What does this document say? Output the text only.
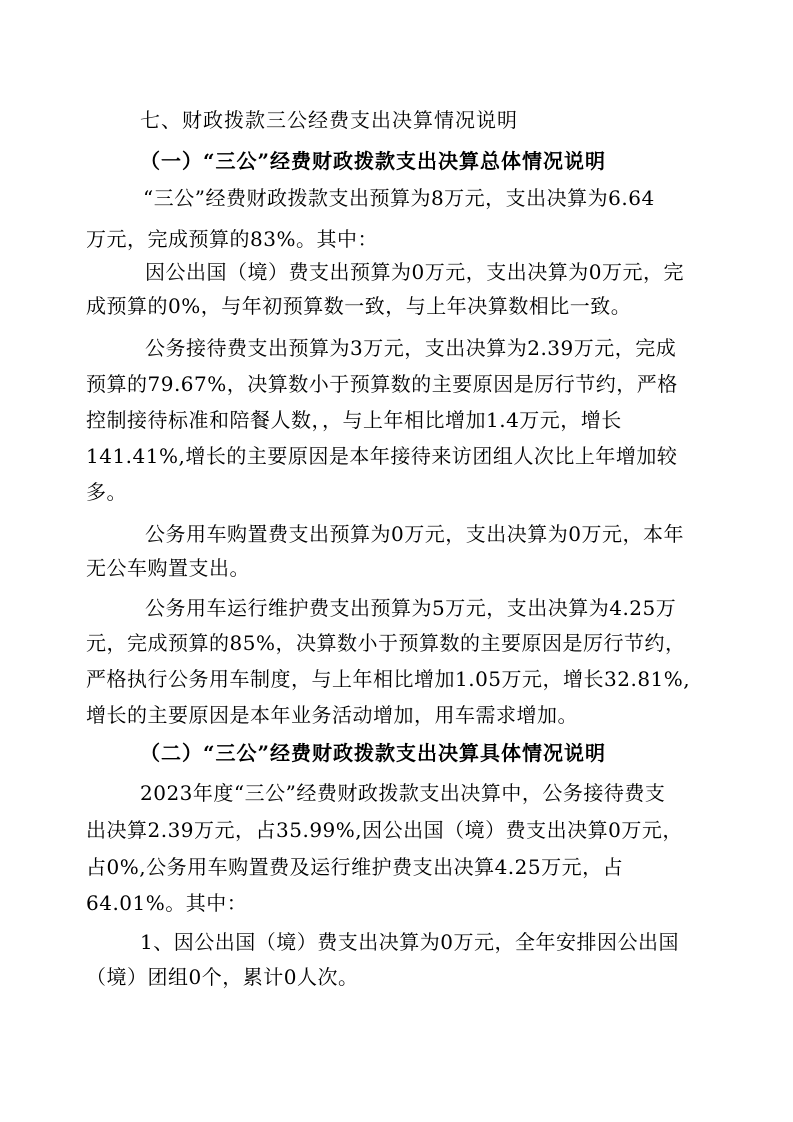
七、财政拨款三公经费支出决算情况说明
（一）“三公”经费财政拨款支出决算总体情况说明
“三公”经费财政拨款支出预算为8万元，支出决算为6.64
万元，完成预算的83%。其中：
因公出国（境）费支出预算为0万元，支出决算为0万元，完
成预算的0%，与年初预算数一致，与上年决算数相比一致。
公务接待费支出预算为3万元，支出决算为2.39万元，完成
预算的79.67%，决算数小于预算数的主要原因是厉行节约，严格
控制接待标准和陪餐人数，，与上年相比增加1.4万元，增长
141.41%,增长的主要原因是本年接待来访团组人次比上年增加较
多。
公务用车购置费支出预算为0万元，支出决算为0万元，本年
无公车购置支出。
公务用车运行维护费支出预算为5万元，支出决算为4.25万
元，完成预算的85%，决算数小于预算数的主要原因是厉行节约，
严格执行公务用车制度，与上年相比增加1.05万元，增长32.81%,
增长的主要原因是本年业务活动增加，用车需求增加。
（二）“三公”经费财政拨款支出决算具体情况说明
2023年度“三公”经费财政拨款支出决算中，公务接待费支
出决算2.39万元，占35.99%,因公出国（境）费支出决算0万元，
占0%,公务用车购置费及运行维护费支出决算4.25万元，占
64.01%。其中：
1、因公出国（境）费支出决算为0万元，全年安排因公出国
（境）团组0个，累计0人次。
